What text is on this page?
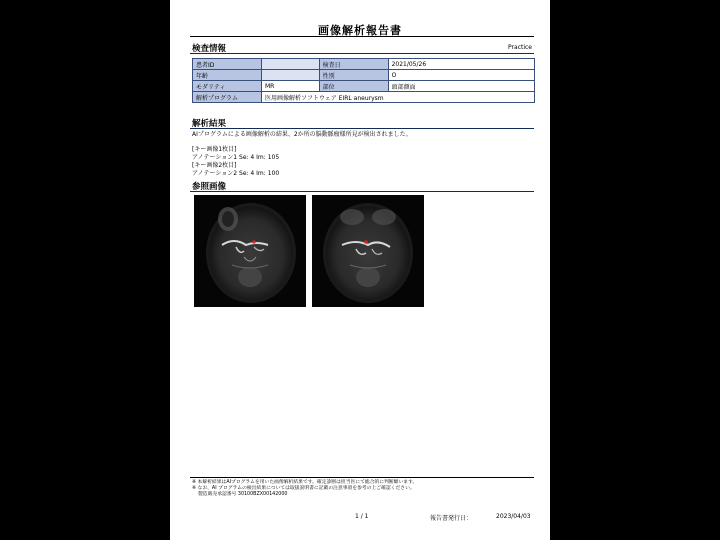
画像解析報告書
検査情報	Practice
患者ID		検査日	2021/05/26
年齢		性別	O
モダリティ	MR	部位	頭部顔面
解析プログラム	医用画像解析ソフトウェア EIRL aneurysm		
解析結果
AIプログラムによる画像解析の結果、2か所の脳動脈瘤様所見が検出されました。
[キー画像1枚目]
アノテーション1 Se: 4 Im: 105
[キー画像2枚目]
アノテーション2 Se: 4 Im: 100
参照画像
※ 本解析結果はAIプログラムを用いた画像解析結果です。確定診断は担当医にて総合的に判断願います。
※ なお、AI プログラムの検出結果については取扱説明書に記載の注意事項を参考の上ご確認ください。
製造販売承認番号 30100BZX00142000
1 / 1	報告書発行日：	2023/04/03
